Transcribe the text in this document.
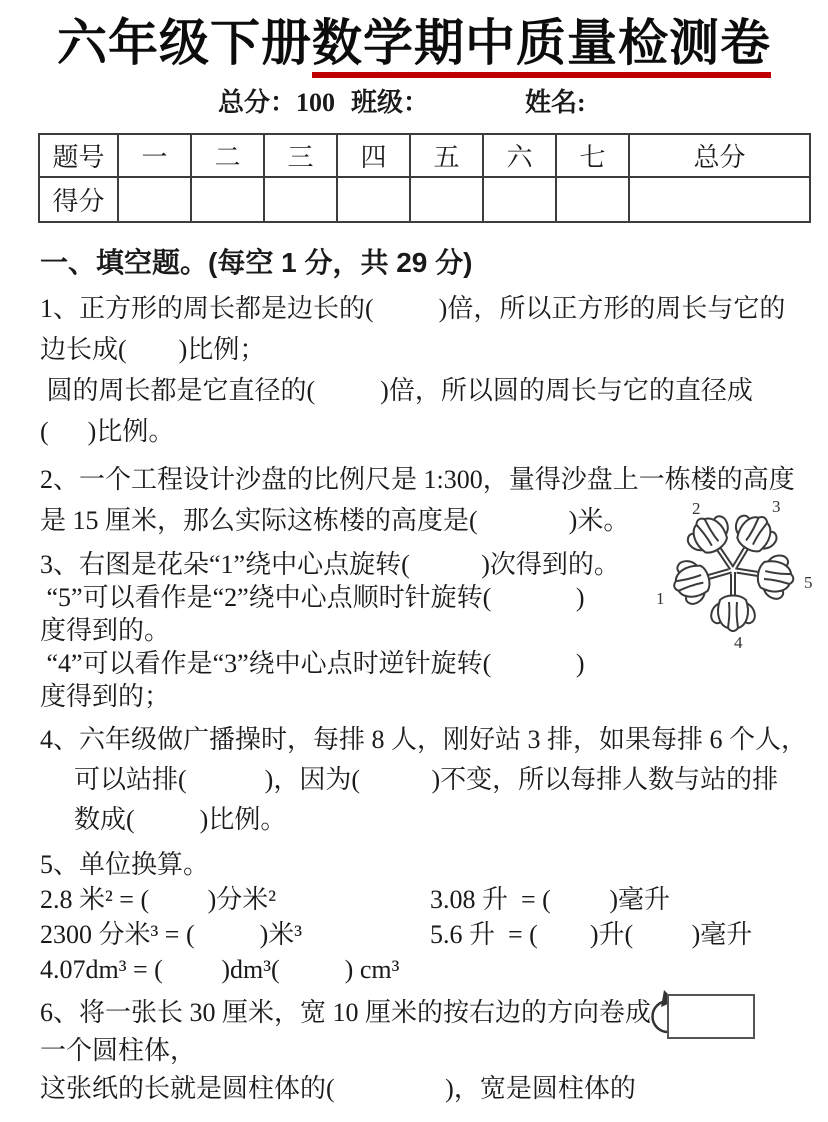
六年级下册数学期中质量检测卷
总分：100 班级：	姓名:
题号	一	二	三	四	五	六	七	总分
得分								
一、填空题。(每空 1 分，共 29 分)
1、正方形的周长都是边长的(          )倍，所以正方形的周长与它的
边长成(        )比例；
圆的周长都是它直径的(          )倍，所以圆的周长与它的直径成
(      )比例。
2、一个工程设计沙盘的比例尺是 1:300，量得沙盘上一栋楼的高度
是 15 厘米，那么实际这栋楼的高度是(              )米。
3、右图是花朵“1”绕中心点旋转(           )次得到的。
“5”可以看作是“2”绕中心点顺时针旋转(             )
度得到的。
“4”可以看作是“3”绕中心点时逆针旋转(             )
度得到的；
4、六年级做广播操时，每排 8 人，刚好站 3 排，如果每排 6 个人，
可以站排(            )，因为(           )不变，所以每排人数与站的排
数成(          )比例。
5、单位换算。
2.8 米² = (         )分米²	3.08 升  = (         )毫升
2300 分米³ = (          )米³	5.6 升  = (        )升(         )毫升
4.07dm³ = (         )dm³(          ) cm³
6、将一张长 30 厘米，宽 10 厘米的按右边的方向卷成
一个圆柱体，
这张纸的长就是圆柱体的(                 )，宽是圆柱体的
1
2	3
4
5
